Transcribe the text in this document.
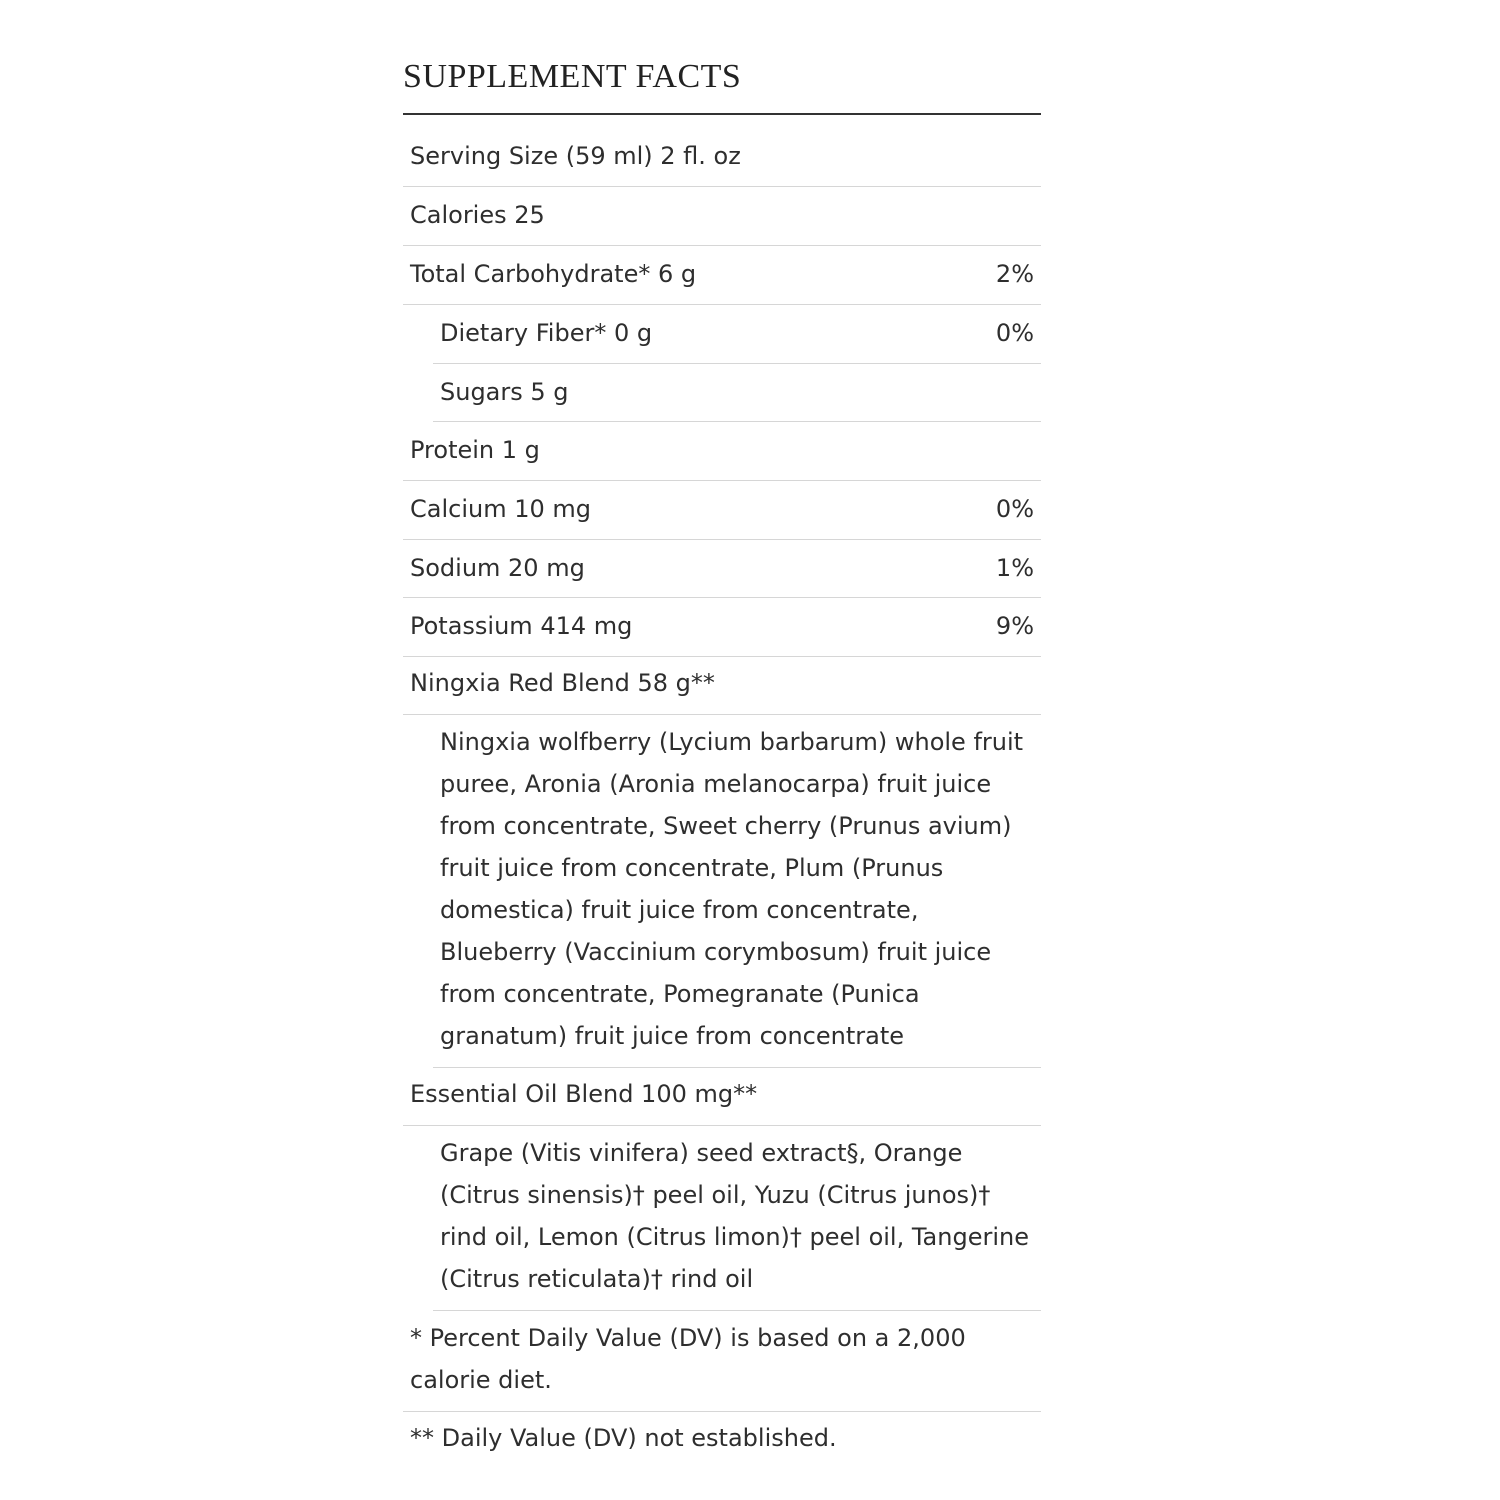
SUPPLEMENT FACTS
Serving Size (59 ml) 2 fl. oz
Calories 25
Total Carbohydrate* 6 g	2%
Dietary Fiber* 0 g	0%
Sugars 5 g
Protein 1 g
Calcium 10 mg	0%
Sodium 20 mg	1%
Potassium 414 mg	9%
Ningxia Red Blend 58 g**
Ningxia wolfberry (Lycium barbarum) whole fruit puree, Aronia (Aronia melanocarpa) fruit juice from concentrate, Sweet cherry (Prunus avium) fruit juice from concentrate, Plum (Prunus domestica) fruit juice from concentrate, Blueberry (Vaccinium corymbosum) fruit juice from concentrate, Pomegranate (Punica granatum) fruit juice from concentrate
Essential Oil Blend 100 mg**
Grape (Vitis vinifera) seed extract§, Orange (Citrus sinensis)† peel oil, Yuzu (Citrus junos)† rind oil, Lemon (Citrus limon)† peel oil, Tangerine (Citrus reticulata)† rind oil
* Percent Daily Value (DV) is based on a 2,000 calorie diet.
** Daily Value (DV) not established.
